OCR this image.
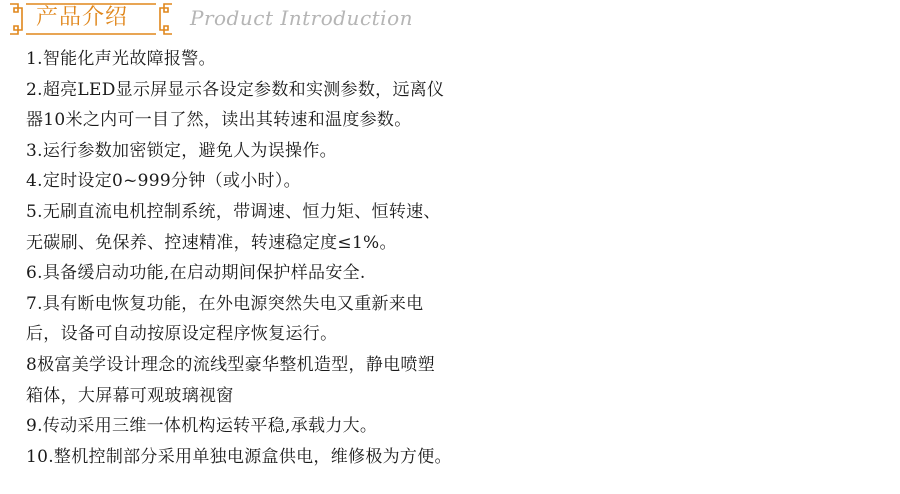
产品介绍	Product Introduction
1.智能化声光故障报警。
2.超亮LED显示屏显示各设定参数和实测参数，远离仪
器10米之内可一目了然，读出其转速和温度参数。
3.运行参数加密锁定，避免人为误操作。
4.定时设定0~999分钟（或小时）。
5.无刷直流电机控制系统，带调速、恒力矩、恒转速、
无碳刷、免保养、控速精准，转速稳定度≤1%。
6.具备缓启动功能,在启动期间保护样品安全.
7.具有断电恢复功能，在外电源突然失电又重新来电
后，设备可自动按原设定程序恢复运行。
8极富美学设计理念的流线型豪华整机造型，静电喷塑
箱体，大屏幕可观玻璃视窗
9.传动采用三维一体机构运转平稳,承载力大。
10.整机控制部分采用单独电源盒供电，维修极为方便。
